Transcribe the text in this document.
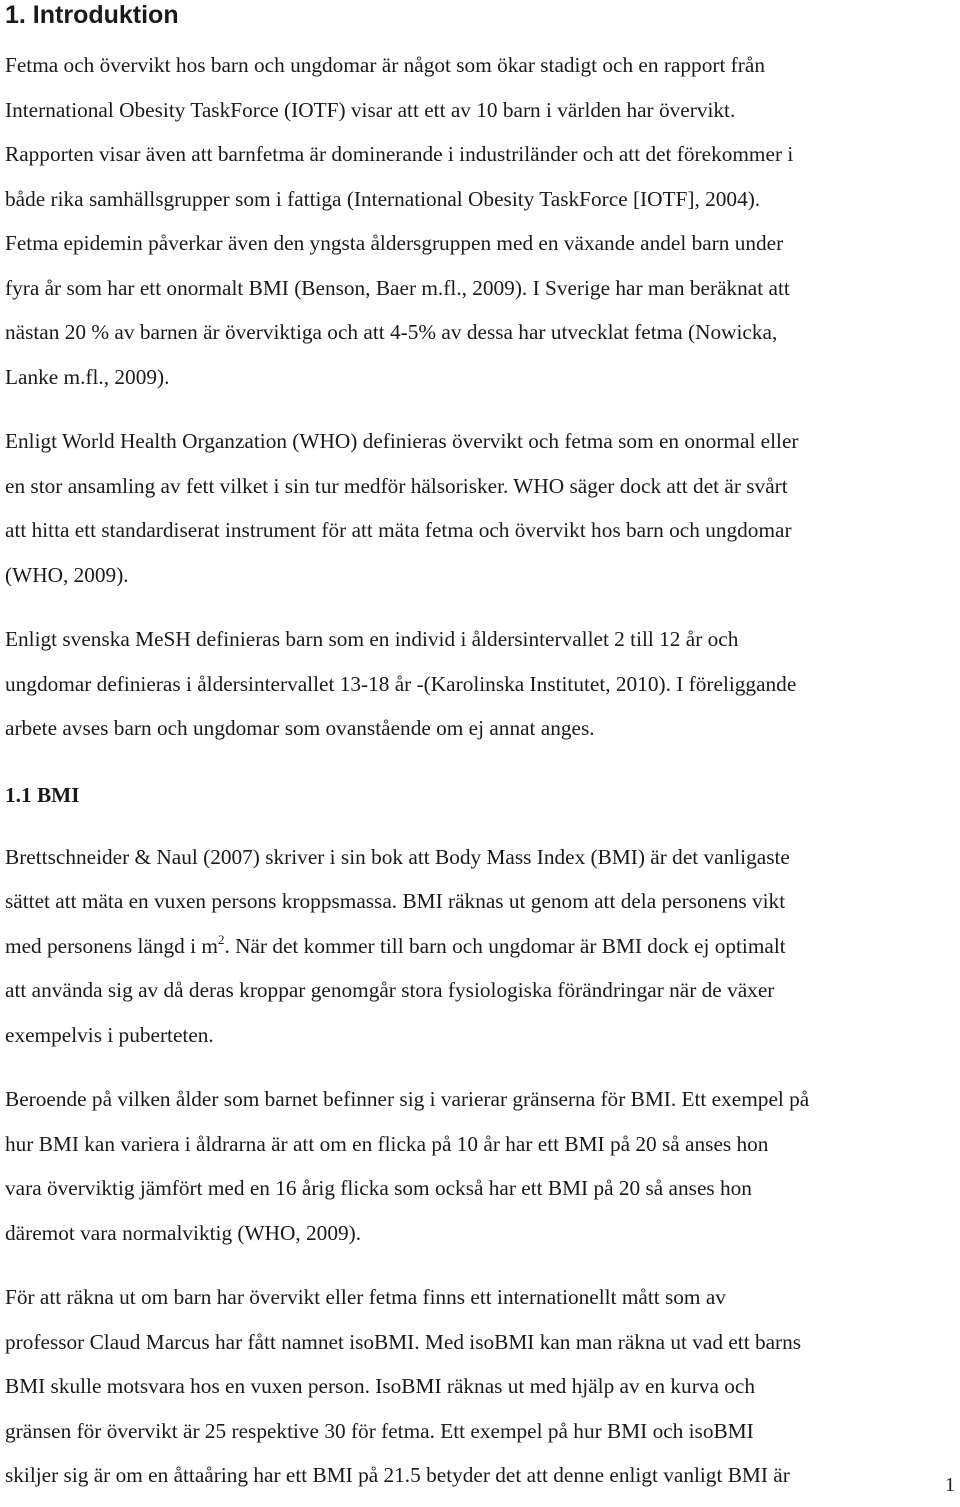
1. Introduktion

Fetma och övervikt hos barn och ungdomar är något som ökar stadigt och en rapport från
International Obesity TaskForce (IOTF) visar att ett av 10 barn i världen har övervikt.
Rapporten visar även att barnfetma är dominerande i industriländer och att det förekommer i
både rika samhällsgrupper som i fattiga (International Obesity TaskForce [IOTF], 2004).
Fetma epidemin påverkar även den yngsta åldersgruppen med en växande andel barn under
fyra år som har ett onormalt BMI (Benson, Baer m.fl., 2009). I Sverige har man beräknat att
nästan 20 % av barnen är överviktiga och att 4-5% av dessa har utvecklat fetma (Nowicka,
Lanke m.fl., 2009).

Enligt World Health Organzation (WHO) definieras övervikt och fetma som en onormal eller
en stor ansamling av fett vilket i sin tur medför hälsorisker. WHO säger dock att det är svårt
att hitta ett standardiserat instrument för att mäta fetma och övervikt hos barn och ungdomar
(WHO, 2009).

Enligt svenska MeSH definieras barn som en individ i åldersintervallet 2 till 12 år och
ungdomar definieras i åldersintervallet 13-18 år -(Karolinska Institutet, 2010). I föreliggande
arbete avses barn och ungdomar som ovanstående om ej annat anges.

1.1 BMI

Brettschneider & Naul (2007) skriver i sin bok att Body Mass Index (BMI) är det vanligaste
sättet att mäta en vuxen persons kroppsmassa. BMI räknas ut genom att dela personens vikt
med personens längd i $m^2$. När det kommer till barn och ungdomar är BMI dock ej optimalt
att använda sig av då deras kroppar genomgår stora fysiologiska förändringar när de växer
exempelvis i puberteten.

Beroende på vilken ålder som barnet befinner sig i varierar gränserna för BMI. Ett exempel på
hur BMI kan variera i åldrarna är att om en flicka på 10 år har ett BMI på 20 så anses hon
vara överviktig jämfört med en 16 årig flicka som också har ett BMI på 20 så anses hon
däremot vara normalviktig (WHO, 2009).

För att räkna ut om barn har övervikt eller fetma finns ett internationellt mått som av
professor Claud Marcus har fått namnet isoBMI. Med isoBMI kan man räkna ut vad ett barns
BMI skulle motsvara hos en vuxen person. IsoBMI räknas ut med hjälp av en kurva och
gränsen för övervikt är 25 respektive 30 för fetma. Ett exempel på hur BMI och isoBMI
skiljer sig är om en åttaåring har ett BMI på 21.5 betyder det att denne enligt vanligt BMI är	1
